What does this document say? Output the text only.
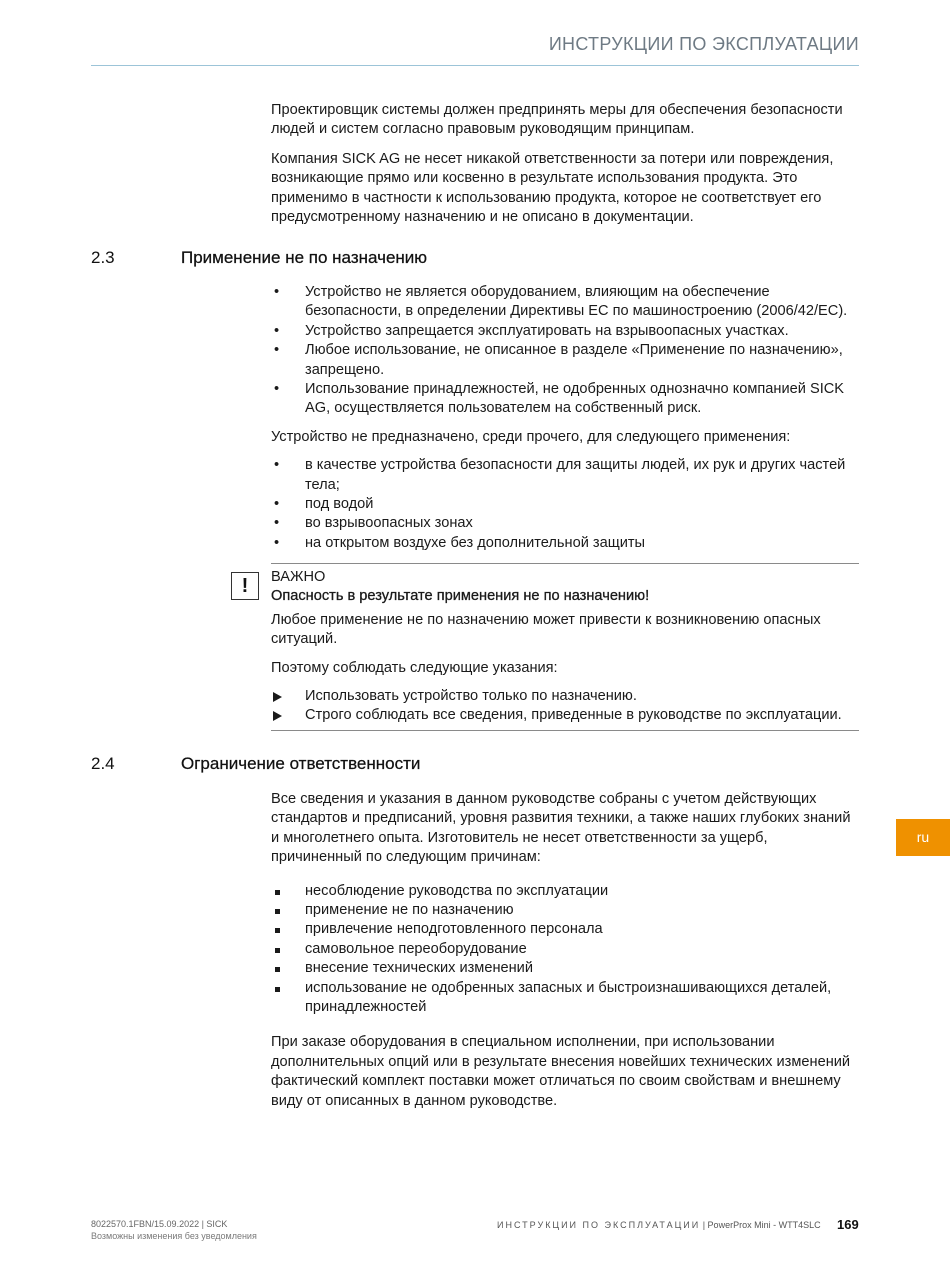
ИНСТРУКЦИИ ПО ЭКСПЛУАТАЦИИ

Проектировщик системы должен предпринять меры для обеспечения безопасности людей и систем согласно правовым руководящим принципам.

Компания SICK AG не несет никакой ответственности за потери или повреждения, возникающие прямо или косвенно в результате использования продукта. Это применимо в частности к использованию продукта, которое не соответствует его предусмотренному назначению и не описано в документации.

2.3	Применение не по назначению
• Устройство не является оборудованием, влияющим на обеспечение безопасности, в определении Директивы ЕС по машиностроению (2006/42/EC).
• Устройство запрещается эксплуатировать на взрывоопасных участках.
• Любое использование, не описанное в разделе «Применение по назначению», запрещено.
• Использование принадлежностей, не одобренных однозначно компанией SICK AG, осуществляется пользователем на собственный риск.

Устройство не предназначено, среди прочего, для следующего применения:

• в качестве устройства безопасности для защиты людей, их рук и других частей тела;
• под водой
• во взрывоопасных зонах
• на открытом воздухе без дополнительной защиты
!	ВАЖНО

Опасность в результате применения не по назначению!

Любое применение не по назначению может привести к возникновению опасных ситуаций.

Поэтому соблюдать следующие указания:

Использовать устройство только по назначению.
Строго соблюдать все сведения, приведенные в руководстве по эксплуатации.
2.4	Ограничение ответственности

Все сведения и указания в данном руководстве собраны с учетом действующих стандартов и предписаний, уровня развития техники, а также наших глубоких знаний и многолетнего опыта. Изготовитель не несет ответственности за ущерб, причиненный по следующим причинам:

несоблюдение руководства по эксплуатации
применение не по назначению
привлечение неподготовленного персонала
самовольное переоборудование
внесение технических изменений
использование не одобренных запасных и быстроизнашивающихся деталей, принадлежностей

При заказе оборудования в специальном исполнении, при использовании дополнительных опций или в результате внесения новейших технических изменений фактический комплект поставки может отличаться по своим свойствам и внешнему виду от описанных в данном руководстве.

ru
8022570.1FBN/15.09.2022 | SICK
Возможны изменения без уведомления
ИНСТРУКЦИИ ПО ЭКСПЛУАТАЦИИ | PowerProx Mini - WTT4SLC 169
